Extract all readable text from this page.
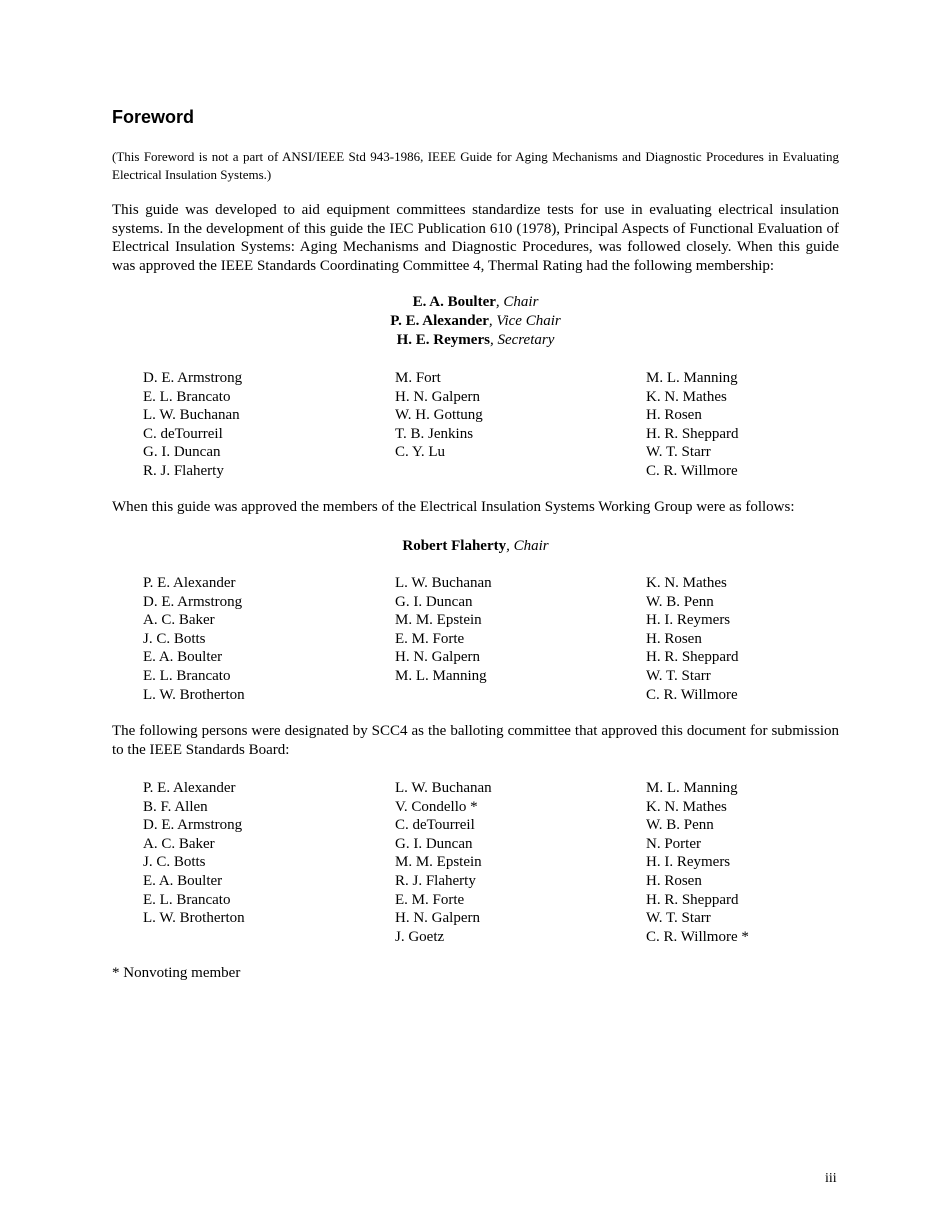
Foreword

(This Foreword is not a part of ANSI/IEEE Std 943-1986, IEEE Guide for Aging Mechanisms and Diagnostic Procedures in Evaluating Electrical Insulation Systems.)

This guide was developed to aid equipment committees standardize tests for use in evaluating electrical insulation systems. In the development of this guide the IEC Publication 610 (1978), Principal Aspects of Functional Evaluation of Electrical Insulation Systems: Aging Mechanisms and Diagnostic Procedures, was followed closely. When this guide was approved the IEEE Standards Coordinating Committee 4, Thermal Rating had the following membership:

E. A. Boulter, Chair
P. E. Alexander, Vice Chair
H. E. Reymers, Secretary
D. E. Armstrong
E. L. Brancato
L. W. Buchanan
C. deTourreil
G. I. Duncan
R. J. Flaherty
M. Fort
H. N. Galpern
W. H. Gottung
T. B. Jenkins
C. Y. Lu
M. L. Manning
K. N. Mathes
H. Rosen
H. R. Sheppard
W. T. Starr
C. R. Willmore

When this guide was approved the members of the Electrical Insulation Systems Working Group were as follows:

Robert Flaherty, Chair
P. E. Alexander
D. E. Armstrong
A. C. Baker
J. C. Botts
E. A. Boulter
E. L. Brancato
L. W. Brotherton
L. W. Buchanan
G. I. Duncan
M. M. Epstein
E. M. Forte
H. N. Galpern
M. L. Manning
K. N. Mathes
W. B. Penn
H. I. Reymers
H. Rosen
H. R. Sheppard
W. T. Starr
C. R. Willmore

The following persons were designated by SCC4 as the balloting committee that approved this document for submission to the IEEE Standards Board:

P. E. Alexander
B. F. Allen
D. E. Armstrong
A. C. Baker
J. C. Botts
E. A. Boulter
E. L. Brancato
L. W. Brotherton
L. W. Buchanan
V. Condello *
C. deTourreil
G. I. Duncan
M. M. Epstein
R. J. Flaherty
E. M. Forte
H. N. Galpern
J. Goetz
M. L. Manning
K. N. Mathes
W. B. Penn
N. Porter
H. I. Reymers
H. Rosen
H. R. Sheppard
W. T. Starr
C. R. Willmore *
* Nonvoting member
iii
